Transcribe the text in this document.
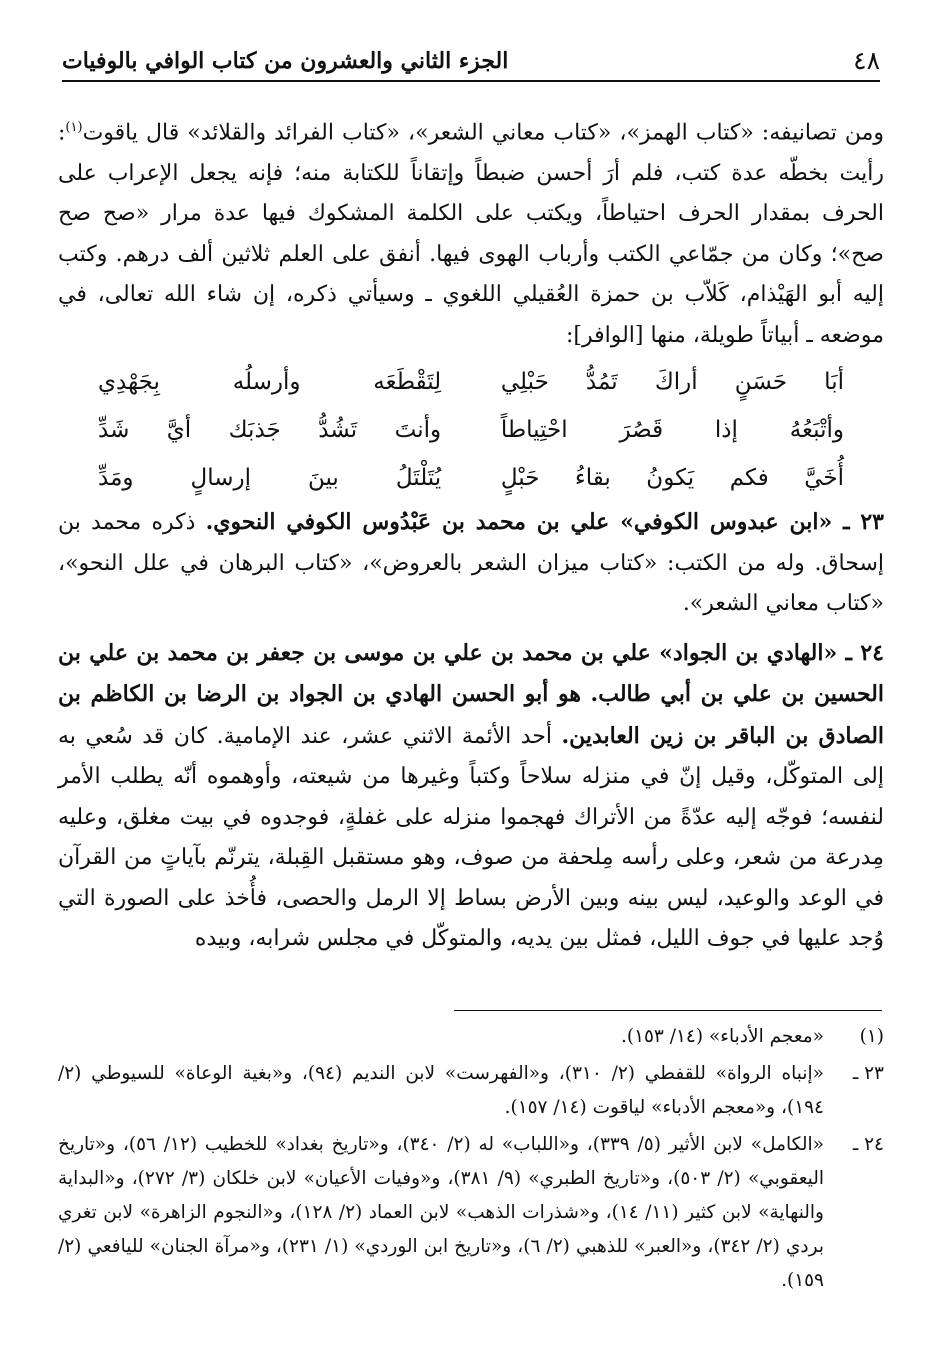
٤٨
الجزء الثاني والعشرون من كتاب الوافي بالوفيات

ومن تصانيفه: «كتاب الهمز»، «كتاب معاني الشعر»، «كتاب الفرائد والقلائد» قال ياقوت$^{(١)}$: رأيت بخطّه عدة كتب، فلم أرَ أحسن ضبطاً وإتقاناً للكتابة منه؛ فإنه يجعل الإعراب على الحرف بمقدار الحرف احتياطاً، ويكتب على الكلمة المشكوك فيها عدة مرار «صح صح صح»؛ وكان من جمّاعي الكتب وأرباب الهوى فيها. أنفق على العلم ثلاثين ألف درهم. وكتب إليه أبو الهَيْذام، كَلاّب بن حمزة العُقيلي اللغوي ـ وسيأتي ذكره، إن شاء الله تعالى، في موضعه ـ أبياتاً طويلة، منها [الوافر]:

أبَا حَسَنٍ أراكَ تَمُدُّ حَبْلِي
لِتَقْطَعَه وأرسلُه بِجَهْدِي
وأتْبَعُهُ إذا قَصُرَ احْتِياطاً
وأنتَ تَشُدُّ جَذبَك أيَّ شَدِّ
أُخَيَّ فكم يَكونُ بقاءُ حَبْلٍ
يُتَلْتَلُ بينَ إرسالٍ ومَدِّ

٢٣ ـ «ابن عبدوس الكوفي» علي بن محمد بن عَبْدُوس الكوفي النحوي. ذكره محمد بن إسحاق. وله من الكتب: «كتاب ميزان الشعر بالعروض»، «كتاب البرهان في علل النحو»، «كتاب معاني الشعر».

٢٤ ـ «الهادي بن الجواد» علي بن محمد بن علي بن موسى بن جعفر بن محمد بن علي بن الحسين بن علي بن أبي طالب. هو أبو الحسن الهادي بن الجواد بن الرضا بن الكاظم بن الصادق بن الباقر بن زين العابدين. أحد الأئمة الاثني عشر، عند الإمامية. كان قد سُعي به إلى المتوكّل، وقيل إنّ في منزله سلاحاً وكتباً وغيرها من شيعته، وأوهموه أنّه يطلب الأمر لنفسه؛ فوجّه إليه عدّةً من الأتراك فهجموا منزله على غفلةٍ، فوجدوه في بيت مغلق، وعليه مِدرعة من شعر، وعلى رأسه مِلحفة من صوف، وهو مستقبل القِبلة، يترنّم بآياتٍ من القرآن في الوعد والوعيد، ليس بينه وبين الأرض بساط إلا الرمل والحصى، فأُخذ على الصورة التي وُجد عليها في جوف الليل، فمثل بين يديه، والمتوكّل في مجلس شرابه، وبيده

(١)
«معجم الأدباء» (١٤/ ١٥٣).
٢٣ ـ
«إنباه الرواة» للقفطي (٢/ ٣١٠)، و«الفهرست» لابن النديم (٩٤)، و«بغية الوعاة» للسيوطي (٢/ ١٩٤)، و«معجم الأدباء» لياقوت (١٤/ ١٥٧).
٢٤ ـ
«الكامل» لابن الأثير (٥/ ٣٣٩)، و«اللباب» له (٢/ ٣٤٠)، و«تاريخ بغداد» للخطيب (١٢/ ٥٦)، و«تاريخ اليعقوبي» (٢/ ٥٠٣)، و«تاريخ الطبري» (٩/ ٣٨١)، و«وفيات الأعيان» لابن خلكان (٣/ ٢٧٢)، و«البداية والنهاية» لابن كثير (١١/ ١٤)، و«شذرات الذهب» لابن العماد (٢/ ١٢٨)، و«النجوم الزاهرة» لابن تغري بردي (٢/ ٣٤٢)، و«العبر» للذهبي (٢/ ٦)، و«تاريخ ابن الوردي» (١/ ٢٣١)، و«مرآة الجنان» لليافعي (٢/ ١٥٩).
